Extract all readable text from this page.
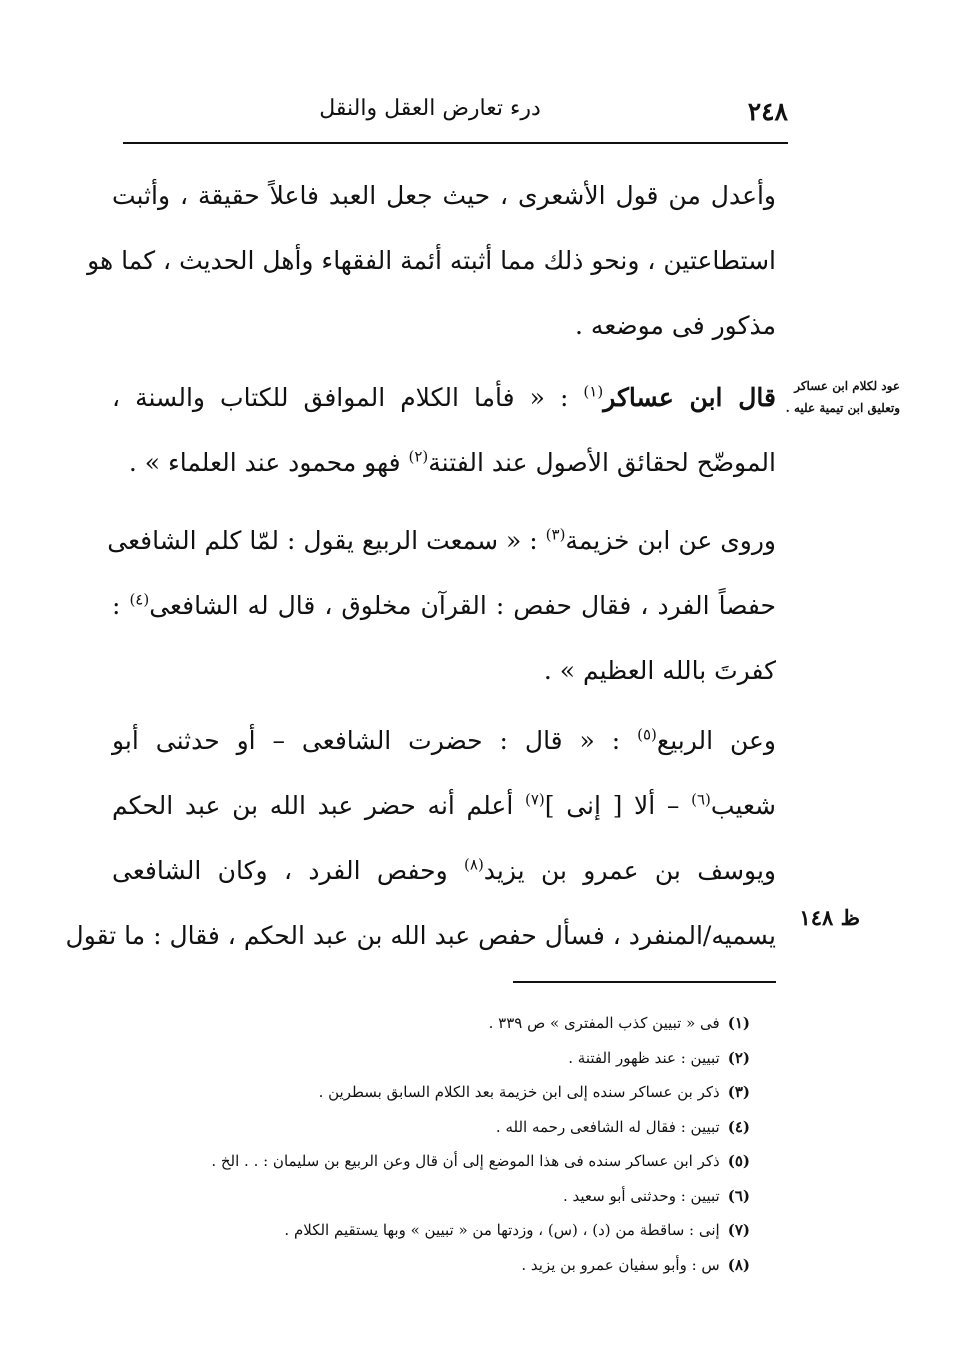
٢٤٨
درء تعارض العقل والنقل
عود لكلام ابن عساكر
وتعليق ابن تيمية عليه .
ظ ١٤٨

وأعدل من قول الأشعرى ، حيث جعل العبد فاعلاً حقيقة ، وأثبت
استطاعتين ، ونحو ذلك مما أثبته أئمة الفقهاء وأهل الحديث ، كما هو
مذكور فى موضعه .

قال ابن عساكر$^{(١)}$ : « فأما الكلام الموافق للكتاب والسنة ،
الموضّح لحقائق الأصول عند الفتنة$^{(٢)}$ فهو محمود عند العلماء » .

وروى عن ابن خزيمة$^{(٣)}$ : « سمعت الربيع يقول : لمّا كلم الشافعى
حفصاً الفرد ، فقال حفص : القرآن مخلوق ، قال له الشافعى$^{(٤)}$ :
كفرتَ بالله العظيم » .

وعن الربيع$^{(٥)}$ : « قال : حضرت الشافعى – أو حدثنى أبو
شعيب$^{(٦)}$ – ألا [ إنى ]$^{(٧)}$ أعلم أنه حضر عبد الله بن عبد الحكم
ويوسف بن عمرو بن يزيد$^{(٨)}$ وحفص الفرد ، وكان الشافعى
يسميه/المنفرد ، فسأل حفص عبد الله بن عبد الحكم ، فقال : ما تقول

(١)فى « تبيين كذب المفترى » ص ٣٣٩ .
(٢)تبيين : عند ظهور الفتنة .
(٣)ذكر بن عساكر سنده إلى ابن خزيمة بعد الكلام السابق بسطرين .
(٤)تبيين : فقال له الشافعى رحمه الله .
(٥)ذكر ابن عساكر سنده فى هذا الموضع إلى أن قال وعن الربيع بن سليمان : . . الخ .
(٦)تبيين : وحدثنى أبو سعيد .
(٧)إنى : ساقطة من (د) ، (س) ، وزدتها من « تبيين » وبها يستقيم الكلام .
(٨)س : وأبو سفيان عمرو بن يزيد .
